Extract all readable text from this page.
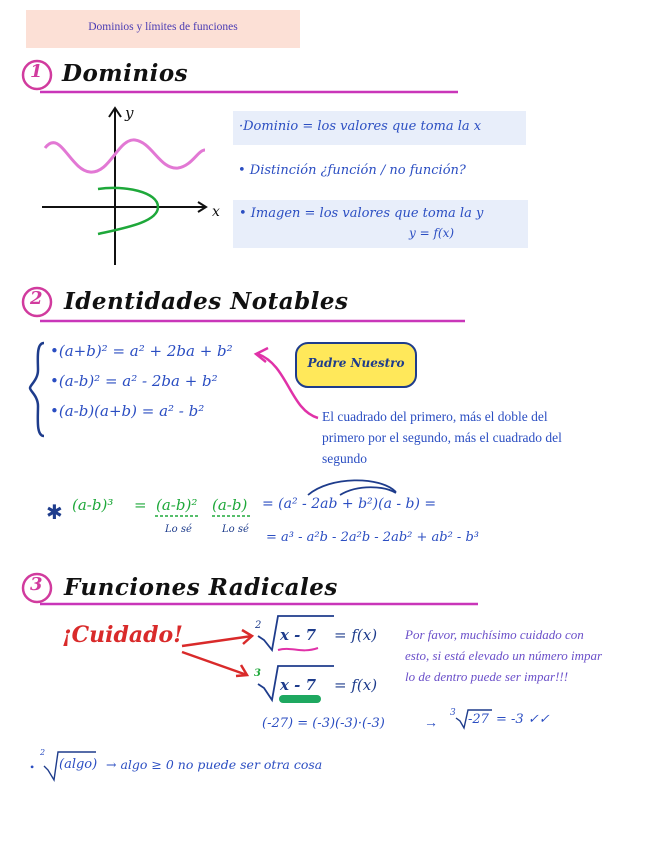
Dominios y límites de funciones
1 Dominios
y
x
·Dominio = los valores que toma la x
• Distinción ¿función / no función?
• Imagen = los valores que toma la y
y = f(x)
2 Identidades Notables
•(a+b)² = a² + 2ba + b²
•(a-b)² = a² - 2ba + b²
•(a-b)(a+b) = a² - b²
Padre Nuestro
El cuadrado del primero, más el doble del primero por el segundo, más el cuadrado del segundo
✱ (a-b)³ = (a-b)² (a-b) = (a² - 2ab + b²)(a - b) =
Lo sé	Lo sé
= a³ - a²b - 2a²b - 2ab² + ab² - b³
3 Funciones Radicales
¡Cuidado!	2
x - 7 = f(x)
3
x - 7 = f(x)
Por favor, muchísimo cuidado con esto, si está elevado un número impar lo de dentro puede ser impar!!!
(-27) = (-3)(-3)·(-3)	→
3 -27 = -3 ✓✓
•
2
(algo) → algo ≥ 0 no puede ser otra cosa
